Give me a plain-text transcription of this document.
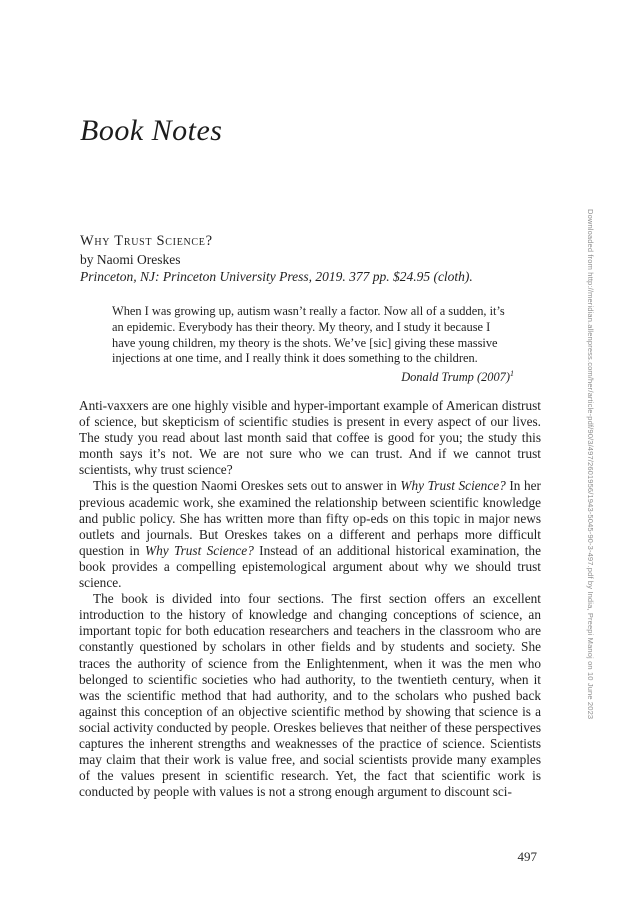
Book Notes
Why Trust Science?
by Naomi Oreskes
Princeton, NJ: Princeton University Press, 2019. 377 pp. $24.95 (cloth).
When I was growing up, autism wasn’t really a factor. Now all of a sudden, it’s an epidemic. Everybody has their theory. My theory, and I study it because I have young children, my theory is the shots. We’ve [sic] giving these massive injections at one time, and I really think it does something to the children.
Donald Trump $(2007)^1$

Anti-vaxxers are one highly visible and hyper-important example of American distrust of science, but skepticism of scientific studies is present in every aspect of our lives. The study you read about last month said that coffee is good for you; the study this month says it’s not. We are not sure who we can trust. And if we cannot trust scientists, why trust science?

This is the question Naomi Oreskes sets out to answer in Why Trust Science? In her previous academic work, she examined the relationship between scientific knowledge and public policy. She has written more than fifty op-eds on this topic in major news outlets and journals. But Oreskes takes on a different and perhaps more difficult question in Why Trust Science? Instead of an additional historical examination, the book provides a compelling epistemological argument about why we should trust science.

The book is divided into four sections. The first section offers an excellent introduction to the history of knowledge and changing conceptions of science, an important topic for both education researchers and teachers in the classroom who are constantly questioned by scholars in other fields and by students and society. She traces the authority of science from the Enlightenment, when it was the men who belonged to scientific societies who had authority, to the twentieth century, when it was the scientific method that had authority, and to the scholars who pushed back against this conception of an objective scientific method by showing that science is a social activity conducted by people. Oreskes believes that neither of these perspectives captures the inherent strengths and weaknesses of the practice of science. Scientists may claim that their work is value free, and social scientists provide many examples of the values present in scientific research. Yet, the fact that scientific work is conducted by people with values is not a strong enough argument to discount sci-

497
Downloaded from http://meridian.allenpress.com/her/article-pdf/90/3/497/2601956/1943-5045-90-3-497.pdf by India, Preepi Manoj on 10 June 2023
